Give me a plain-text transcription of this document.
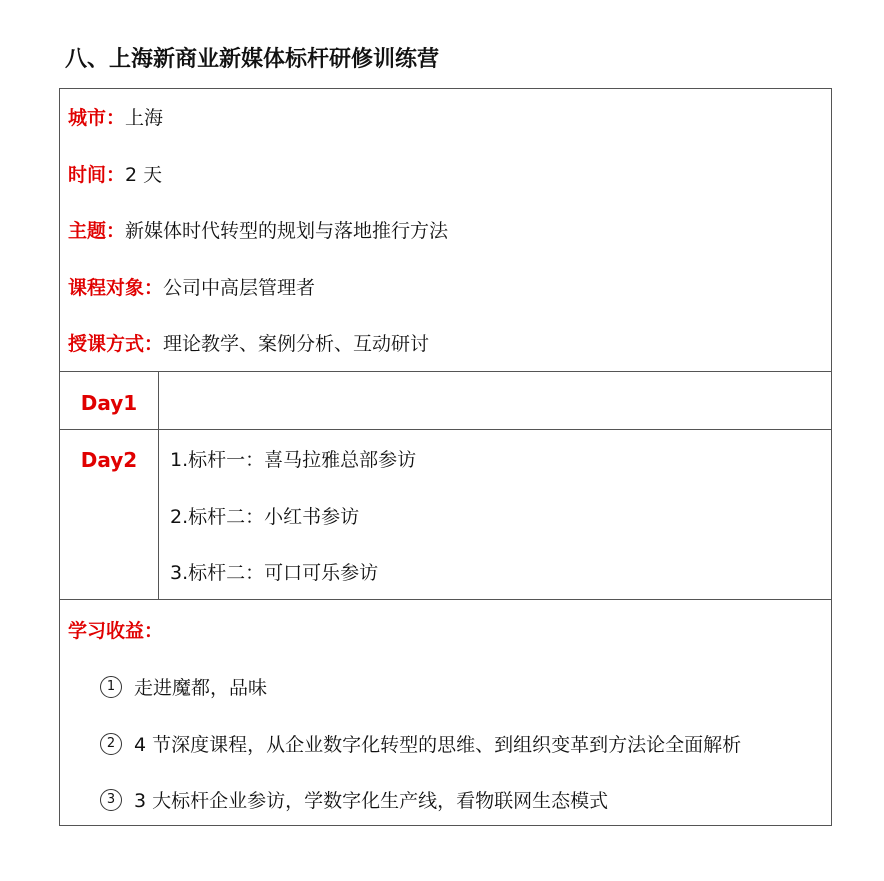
八、上海新商业新媒体标杆研修训练营
城市：上海
时间：2 天
主题：新媒体时代转型的规划与落地推行方法
课程对象：公司中高层管理者
授课方式：理论教学、案例分析、互动研讨
Day1
Day2	1.标杆一：喜马拉雅总部参访
2.标杆二：小红书参访
3.标杆二：可口可乐参访
学习收益：
1 走进魔都，品味
2 4 节深度课程，从企业数字化转型的思维、到组织变革到方法论全面解析
3 3 大标杆企业参访，学数字化生产线，看物联网生态模式
